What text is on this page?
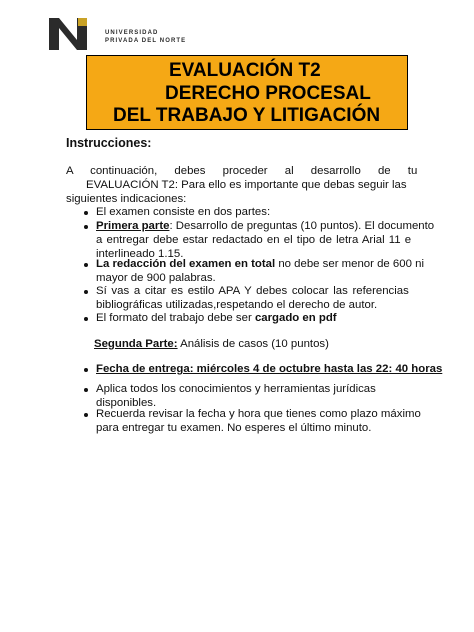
UNIVERSIDAD
PRIVADA DEL NORTE
EVALUACIÓN T2
DERECHO PROCESAL
DEL TRABAJO Y LITIGACIÓN
Instrucciones:
A continuación, debes proceder al desarrollo de tu
EVALUACIÓN T2: Para ello es importante que debas seguir las
siguientes indicaciones:
El examen consiste en dos partes:
Primera parte: Desarrollo de preguntas (10 puntos). El documento
a entregar debe estar redactado en el tipo de letra Arial 11 e
interlineado 1.15.
La redacción del examen en total no debe ser menor de 600 ni
mayor de 900 palabras.
Sí vas a citar es estilo APA Y debes colocar las referencias
bibliográficas utilizadas,respetando el derecho de autor.
El formato del trabajo debe ser cargado en pdf
Segunda Parte: Análisis de casos (10 puntos)
Fecha de entrega: miércoles 4 de octubre hasta las 22: 40 horas
Aplica todos los conocimientos y herramientas jurídicas
disponibles.
Recuerda revisar la fecha y hora que tienes como plazo máximo
para entregar tu examen. No esperes el último minuto.
